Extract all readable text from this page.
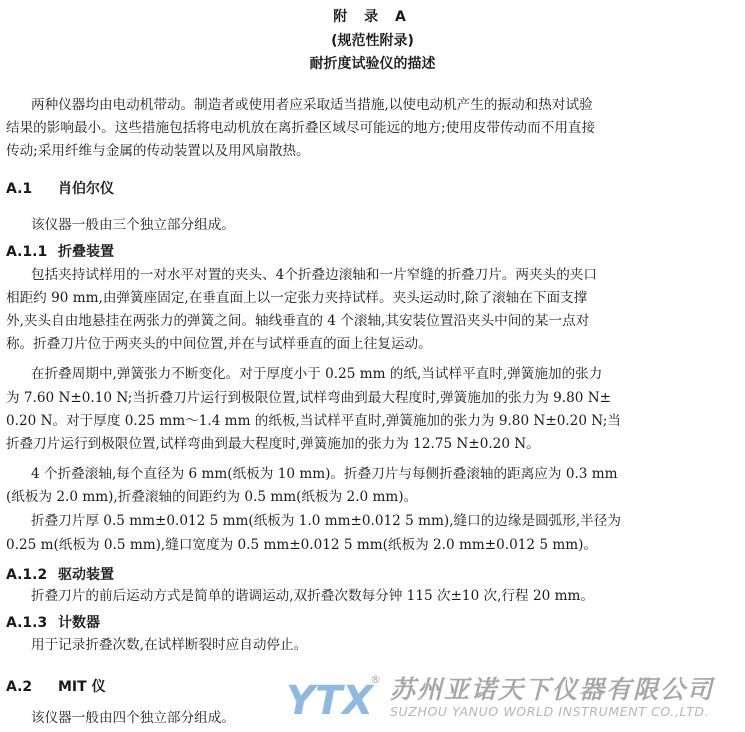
附 录 A
(规范性附录)
耐折度试验仪的描述
两种仪器均由电动机带动。制造者或使用者应采取适当措施,以使电动机产生的振动和热对试验
结果的影响最小。这些措施包括将电动机放在离折叠区域尽可能远的地方;使用皮带传动而不用直接
传动;采用纤维与金属的传动装置以及用风扇散热。
A.1 肖伯尔仪
该仪器一般由三个独立部分组成。
A.1.1 折叠装置
包括夹持试样用的一对水平对置的夹头、4个折叠边滚轴和一片窄缝的折叠刀片。两夹头的夹口
相距约 90 mm,由弹簧座固定,在垂直面上以一定张力夹持试样。夹头运动时,除了滚轴在下面支撑
外,夹头自由地悬挂在两张力的弹簧之间。轴线垂直的 4 个滚轴,其安装位置沿夹头中间的某一点对
称。折叠刀片位于两夹头的中间位置,并在与试样垂直的面上往复运动。
在折叠周期中,弹簧张力不断变化。对于厚度小于 0.25 mm 的纸,当试样平直时,弹簧施加的张力
为 7.60 N±0.10 N;当折叠刀片运行到极限位置,试样弯曲到最大程度时,弹簧施加的张力为 9.80 N±
0.20 N。对于厚度 0.25 mm～1.4 mm 的纸板,当试样平直时,弹簧施加的张力为 9.80 N±0.20 N;当
折叠刀片运行到极限位置,试样弯曲到最大程度时,弹簧施加的张力为 12.75 N±0.20 N。
4 个折叠滚轴,每个直径为 6 mm(纸板为 10 mm)。折叠刀片与每侧折叠滚轴的距离应为 0.3 mm
(纸板为 2.0 mm),折叠滚轴的间距约为 0.5 mm(纸板为 2.0 mm)。
折叠刀片厚 0.5 mm±0.012 5 mm(纸板为 1.0 mm±0.012 5 mm),缝口的边缘是圆弧形,半径为
0.25 m(纸板为 0.5 mm),缝口宽度为 0.5 mm±0.012 5 mm(纸板为 2.0 mm±0.012 5 mm)。
A.1.2 驱动装置
折叠刀片的前后运动方式是简单的谐调运动,双折叠次数每分钟 115 次±10 次,行程 20 mm。
A.1.3 计数器
用于记录折叠次数,在试样断裂时应自动停止。
A.2 MIT 仪
该仪器一般由四个独立部分组成。 YTX
® 苏州亚诺天下仪器有限公司
SUZHOU YANUO WORLD INSTRUMENT CO.,LTD.
